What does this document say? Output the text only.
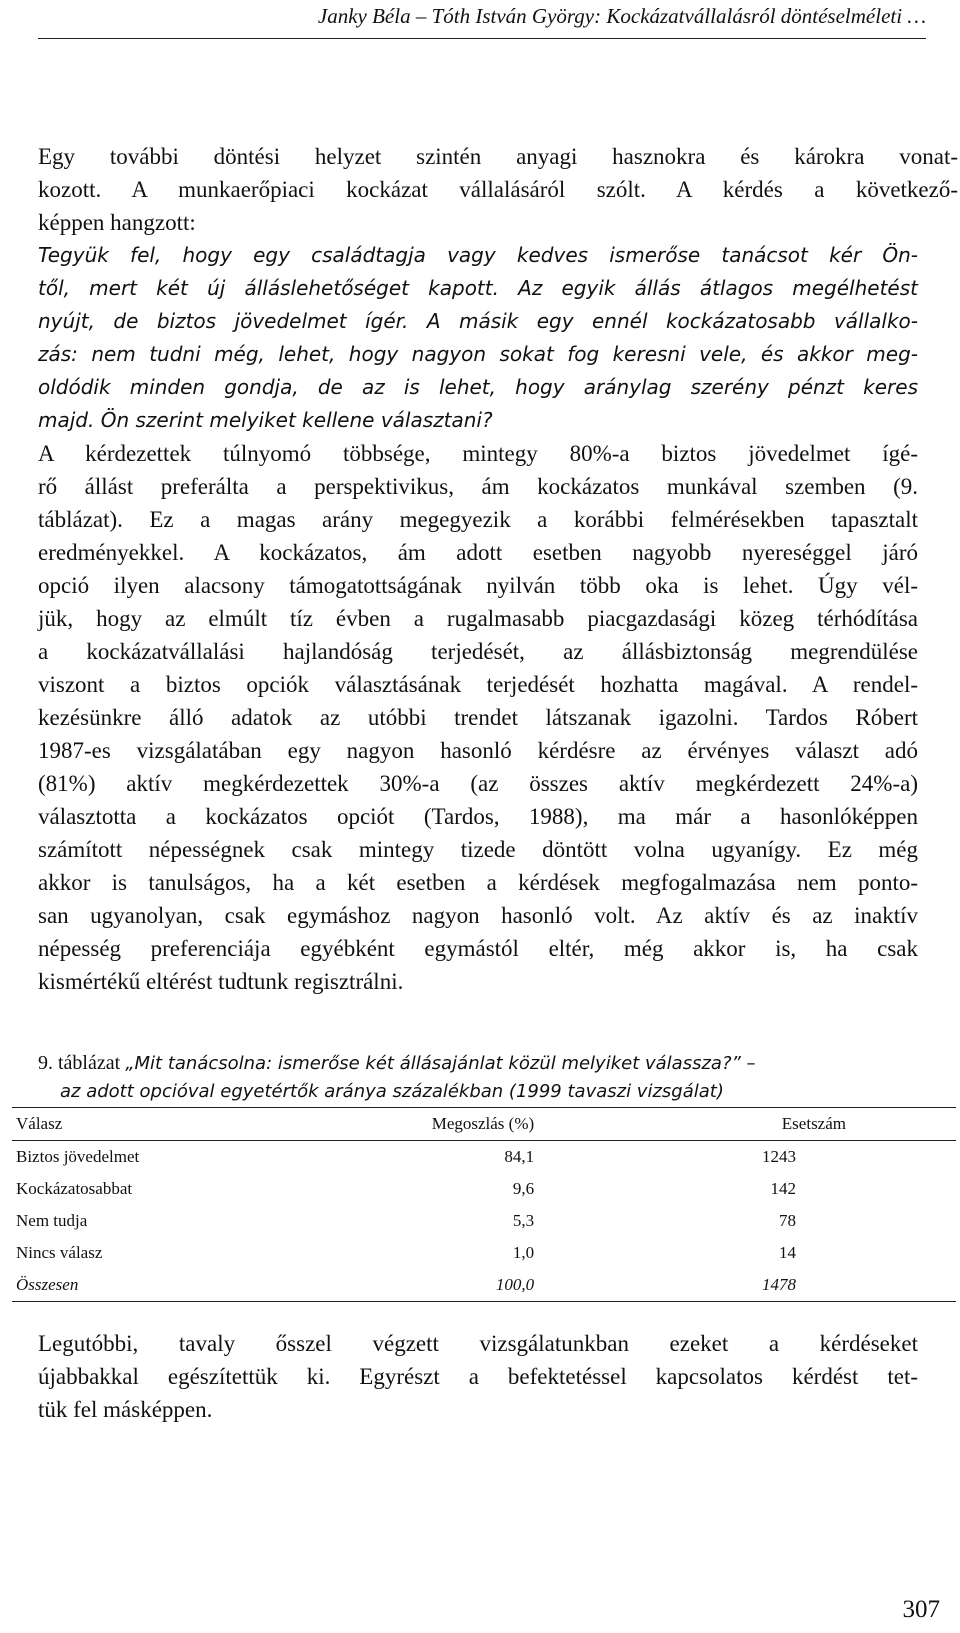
Janky Béla – Tóth István György: Kockázatvállalásról döntéselméleti …
Egy további döntési helyzet szintén anyagi hasznokra és károkra vonat-
kozott. A munkaerőpiaci kockázat vállalásáról szólt. A kérdés a következő-
képpen hangzott:
Tegyük fel, hogy egy családtagja vagy kedves ismerőse tanácsot kér Ön-
től, mert két új álláslehetőséget kapott. Az egyik állás átlagos megélhetést
nyújt, de biztos jövedelmet ígér. A másik egy ennél kockázatosabb vállalko-
zás: nem tudni még, lehet, hogy nagyon sokat fog keresni vele, és akkor meg-
oldódik minden gondja, de az is lehet, hogy aránylag szerény pénzt keres
majd. Ön szerint melyiket kellene választani?
A kérdezettek túlnyomó többsége, mintegy 80%-a biztos jövedelmet ígé-
rő állást preferálta a perspektivikus, ám kockázatos munkával szemben (9.
táblázat). Ez a magas arány megegyezik a korábbi felmérésekben tapasztalt
eredményekkel. A kockázatos, ám adott esetben nagyobb nyereséggel járó
opció ilyen alacsony támogatottságának nyilván több oka is lehet. Úgy vél-
jük, hogy az elmúlt tíz évben a rugalmasabb piacgazdasági közeg térhódítása
a kockázatvállalási hajlandóság terjedését, az állásbiztonság megrendülése
viszont a biztos opciók választásának terjedését hozhatta magával. A rendel-
kezésünkre álló adatok az utóbbi trendet látszanak igazolni. Tardos Róbert
1987-es vizsgálatában egy nagyon hasonló kérdésre az érvényes választ adó
(81%) aktív megkérdezettek 30%-a (az összes aktív megkérdezett 24%-a)
választotta a kockázatos opciót (Tardos, 1988), ma már a hasonlóképpen
számított népességnek csak mintegy tizede döntött volna ugyanígy. Ez még
akkor is tanulságos, ha a két esetben a kérdések megfogalmazása nem ponto-
san ugyanolyan, csak egymáshoz nagyon hasonló volt. Az aktív és az inaktív
népesség preferenciája egyébként egymástól eltér, még akkor is, ha csak
kismértékű eltérést tudtunk regisztrálni.
9. táblázat „Mit tanácsolna: ismerőse két állásajánlat közül melyiket válassza?” –
az adott opcióval egyetértők aránya százalékban (1999 tavaszi vizsgálat)
Válasz	Megoszlás (%)	Esetszám
Biztos jövedelmet	84,1	1243
Kockázatosabbat	9,6	142
Nem tudja	5,3	78
Nincs válasz	1,0	14
Összesen	100,0	1478
Legutóbbi, tavaly ősszel végzett vizsgálatunkban ezeket a kérdéseket
újabbakkal egészítettük ki. Egyrészt a befektetéssel kapcsolatos kérdést tet-
tük fel másképpen.
307
